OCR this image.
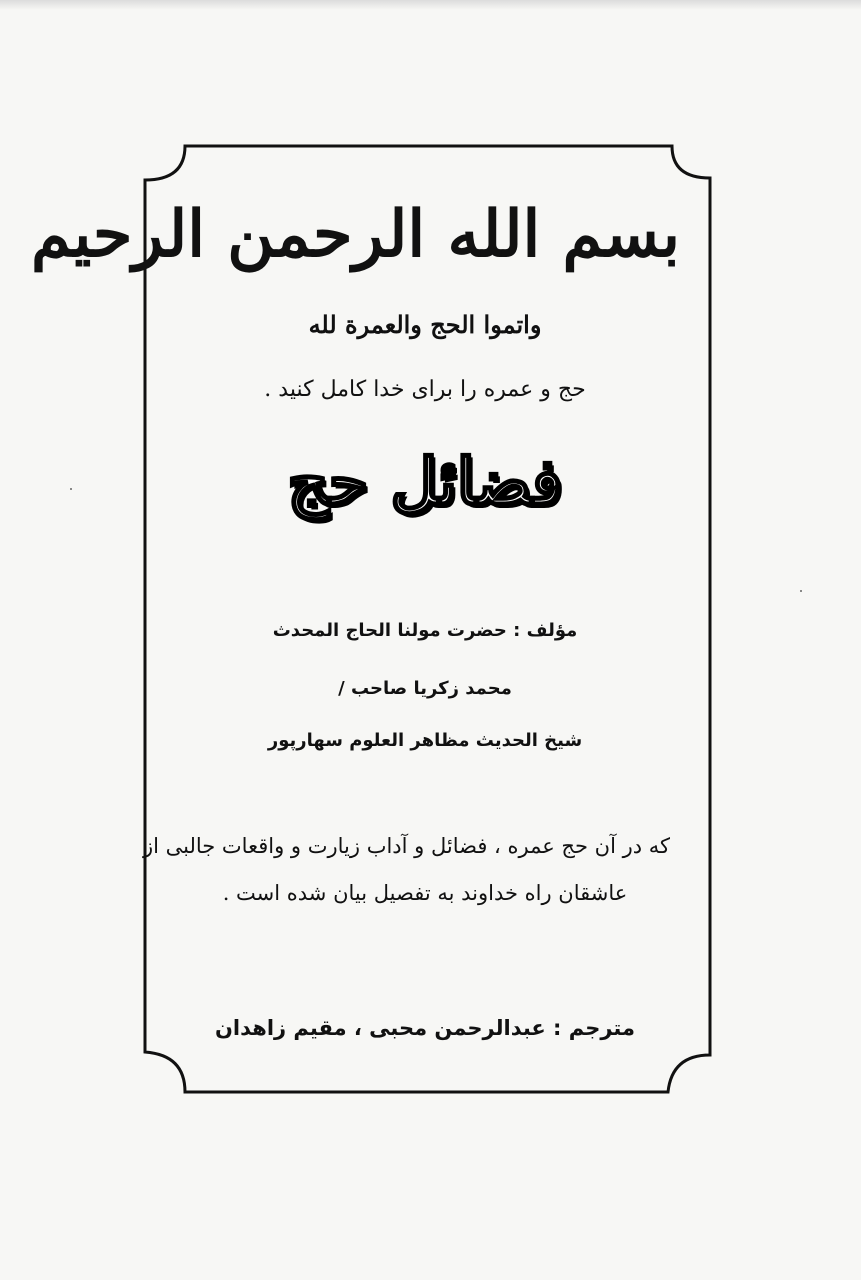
بسم الله الرحمن الرحيم
واتموا الحج والعمرة لله
حج و عمره را برای خدا کامل کنید .
فضائل حج
مؤلف : حضرت مولنا الحاج المحدث
محمد زکریا صاحب /
شیخ الحدیث مظاهر العلوم سهارپور
که در آن حج عمره ، فضائل و آداب زیارت و واقعات جالبی از
عاشقان راه خداوند به تفصیل بیان شده است .
مترجم : عبدالرحمن محبی ، مقیم زاهدان
